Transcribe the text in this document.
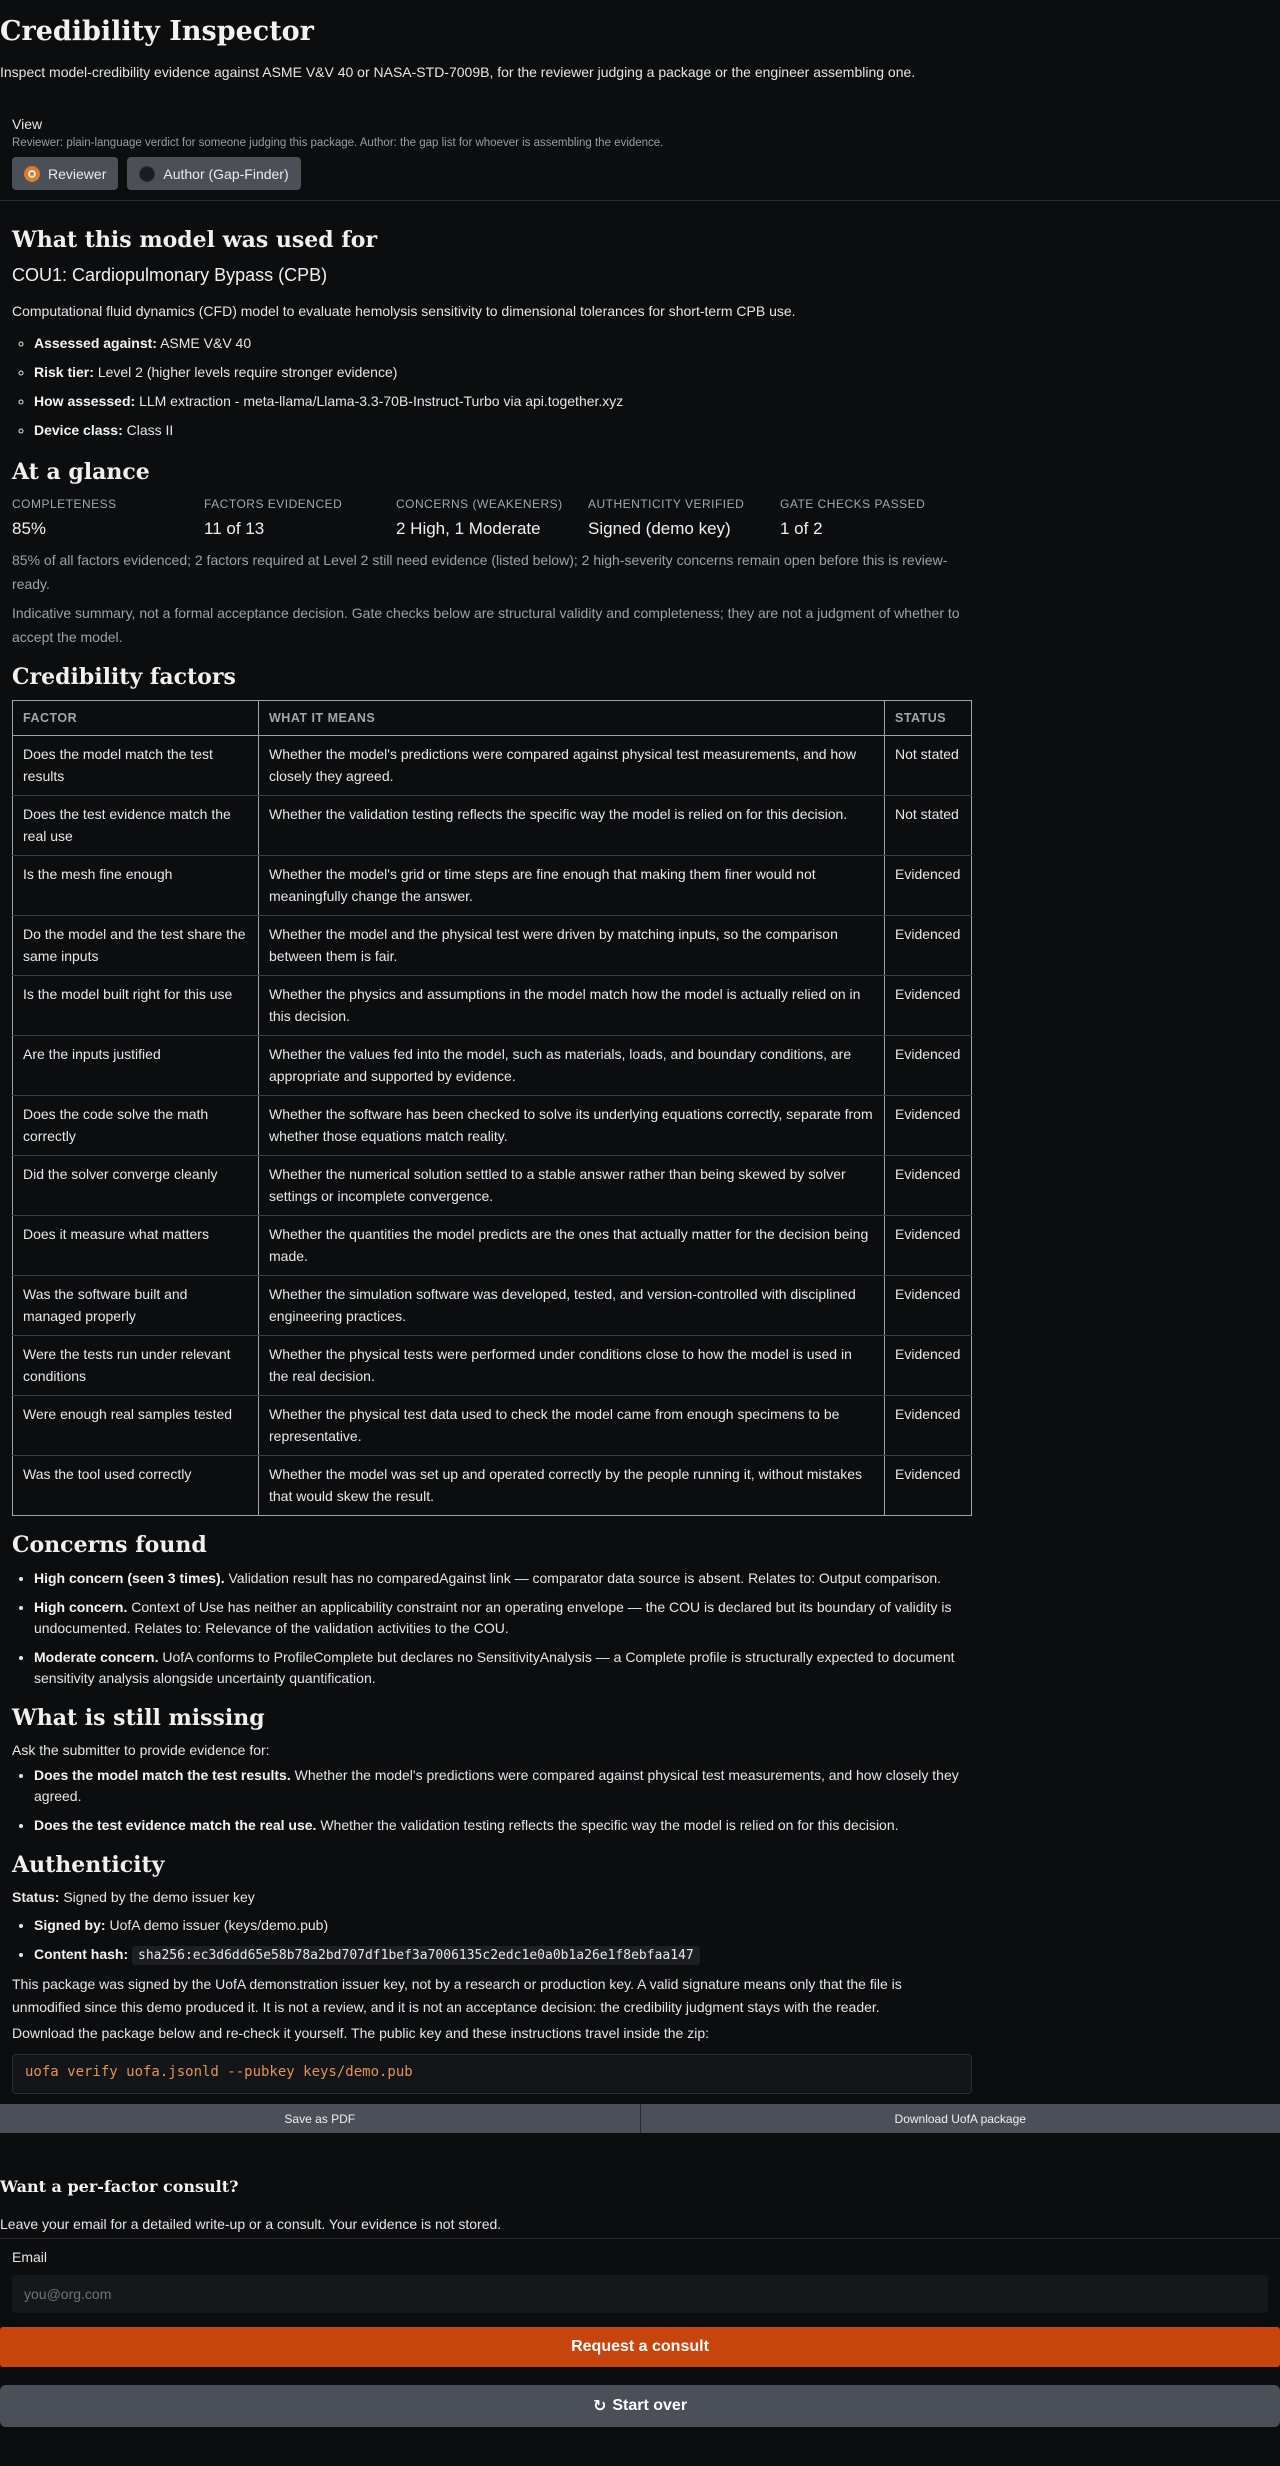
Credibility Inspector

Inspect model-credibility evidence against ASME V&V 40 or NASA-STD-7009B, for the reviewer judging a package or the engineer assembling one.

View
Reviewer: plain-language verdict for someone judging this package. Author: the gap list for whoever is assembling the evidence.
Reviewer	Author (Gap-Finder)
What this model was used for
COU1: Cardiopulmonary Bypass (CPB)

Computational fluid dynamics (CFD) model to evaluate hemolysis sensitivity to dimensional tolerances for short-term CPB use.

◦ Assessed against: ASME V&V 40
◦ Risk tier: Level 2 (higher levels require stronger evidence)
◦ How assessed: LLM extraction - meta-llama/Llama-3.3-70B-Instruct-Turbo via api.together.xyz
◦ Device class: Class II
At a glance
COMPLETENESS
85%
FACTORS EVIDENCED
11 of 13
CONCERNS (WEAKENERS)
2 High, 1 Moderate
AUTHENTICITY VERIFIED
Signed (demo key)
GATE CHECKS PASSED
1 of 2

85% of all factors evidenced; 2 factors required at Level 2 still need evidence (listed below); 2 high-severity concerns remain open before this is review-ready.

Indicative summary, not a formal acceptance decision. Gate checks below are structural validity and completeness; they are not a judgment of whether to accept the model.

Credibility factors
FACTOR	WHAT IT MEANS	STATUS
Does the model match the test results	Whether the model's predictions were compared against physical test measurements, and how closely they agreed.	Not stated
Does the test evidence match the real use	Whether the validation testing reflects the specific way the model is relied on for this decision.	Not stated
Is the mesh fine enough	Whether the model's grid or time steps are fine enough that making them finer would not meaningfully change the answer.	Evidenced
Do the model and the test share the same inputs	Whether the model and the physical test were driven by matching inputs, so the comparison between them is fair.	Evidenced
Is the model built right for this use	Whether the physics and assumptions in the model match how the model is actually relied on in this decision.	Evidenced
Are the inputs justified	Whether the values fed into the model, such as materials, loads, and boundary conditions, are appropriate and supported by evidence.	Evidenced
Does the code solve the math correctly	Whether the software has been checked to solve its underlying equations correctly, separate from whether those equations match reality.	Evidenced
Did the solver converge cleanly	Whether the numerical solution settled to a stable answer rather than being skewed by solver settings or incomplete convergence.	Evidenced
Does it measure what matters	Whether the quantities the model predicts are the ones that actually matter for the decision being made.	Evidenced
Was the software built and managed properly	Whether the simulation software was developed, tested, and version-controlled with disciplined engineering practices.	Evidenced
Were the tests run under relevant conditions	Whether the physical tests were performed under conditions close to how the model is used in the real decision.	Evidenced
Were enough real samples tested	Whether the physical test data used to check the model came from enough specimens to be representative.	Evidenced
Was the tool used correctly	Whether the model was set up and operated correctly by the people running it, without mistakes that would skew the result.	Evidenced
Concerns found
• High concern (seen 3 times). Validation result has no comparedAgainst link — comparator data source is absent. Relates to: Output comparison.
• High concern. Context of Use has neither an applicability constraint nor an operating envelope — the COU is declared but its boundary of validity is undocumented. Relates to: Relevance of the validation activities to the COU.
• Moderate concern. UofA conforms to ProfileComplete but declares no SensitivityAnalysis — a Complete profile is structurally expected to document sensitivity analysis alongside uncertainty quantification.
What is still missing

Ask the submitter to provide evidence for:

• Does the model match the test results. Whether the model's predictions were compared against physical test measurements, and how closely they agreed.
• Does the test evidence match the real use. Whether the validation testing reflects the specific way the model is relied on for this decision.
Authenticity

Status: Signed by the demo issuer key

• Signed by: UofA demo issuer (keys/demo.pub)
• Content hash: sha256:ec3d6dd65e58b78a2bd707df1bef3a7006135c2edc1e0a0b1a26e1f8ebfaa147

This package was signed by the UofA demonstration issuer key, not by a research or production key. A valid signature means only that the file is unmodified since this demo produced it. It is not a review, and it is not an acceptance decision: the credibility judgment stays with the reader.

Download the package below and re-check it yourself. The public key and these instructions travel inside the zip:

uofa verify uofa.jsonld --pubkey keys/demo.pub
Save as PDF	Download UofA package
Want a per-factor consult?

Leave your email for a detailed write-up or a consult. Your evidence is not stored.

Email
you@org.com
Request a consult
↻ Start over
